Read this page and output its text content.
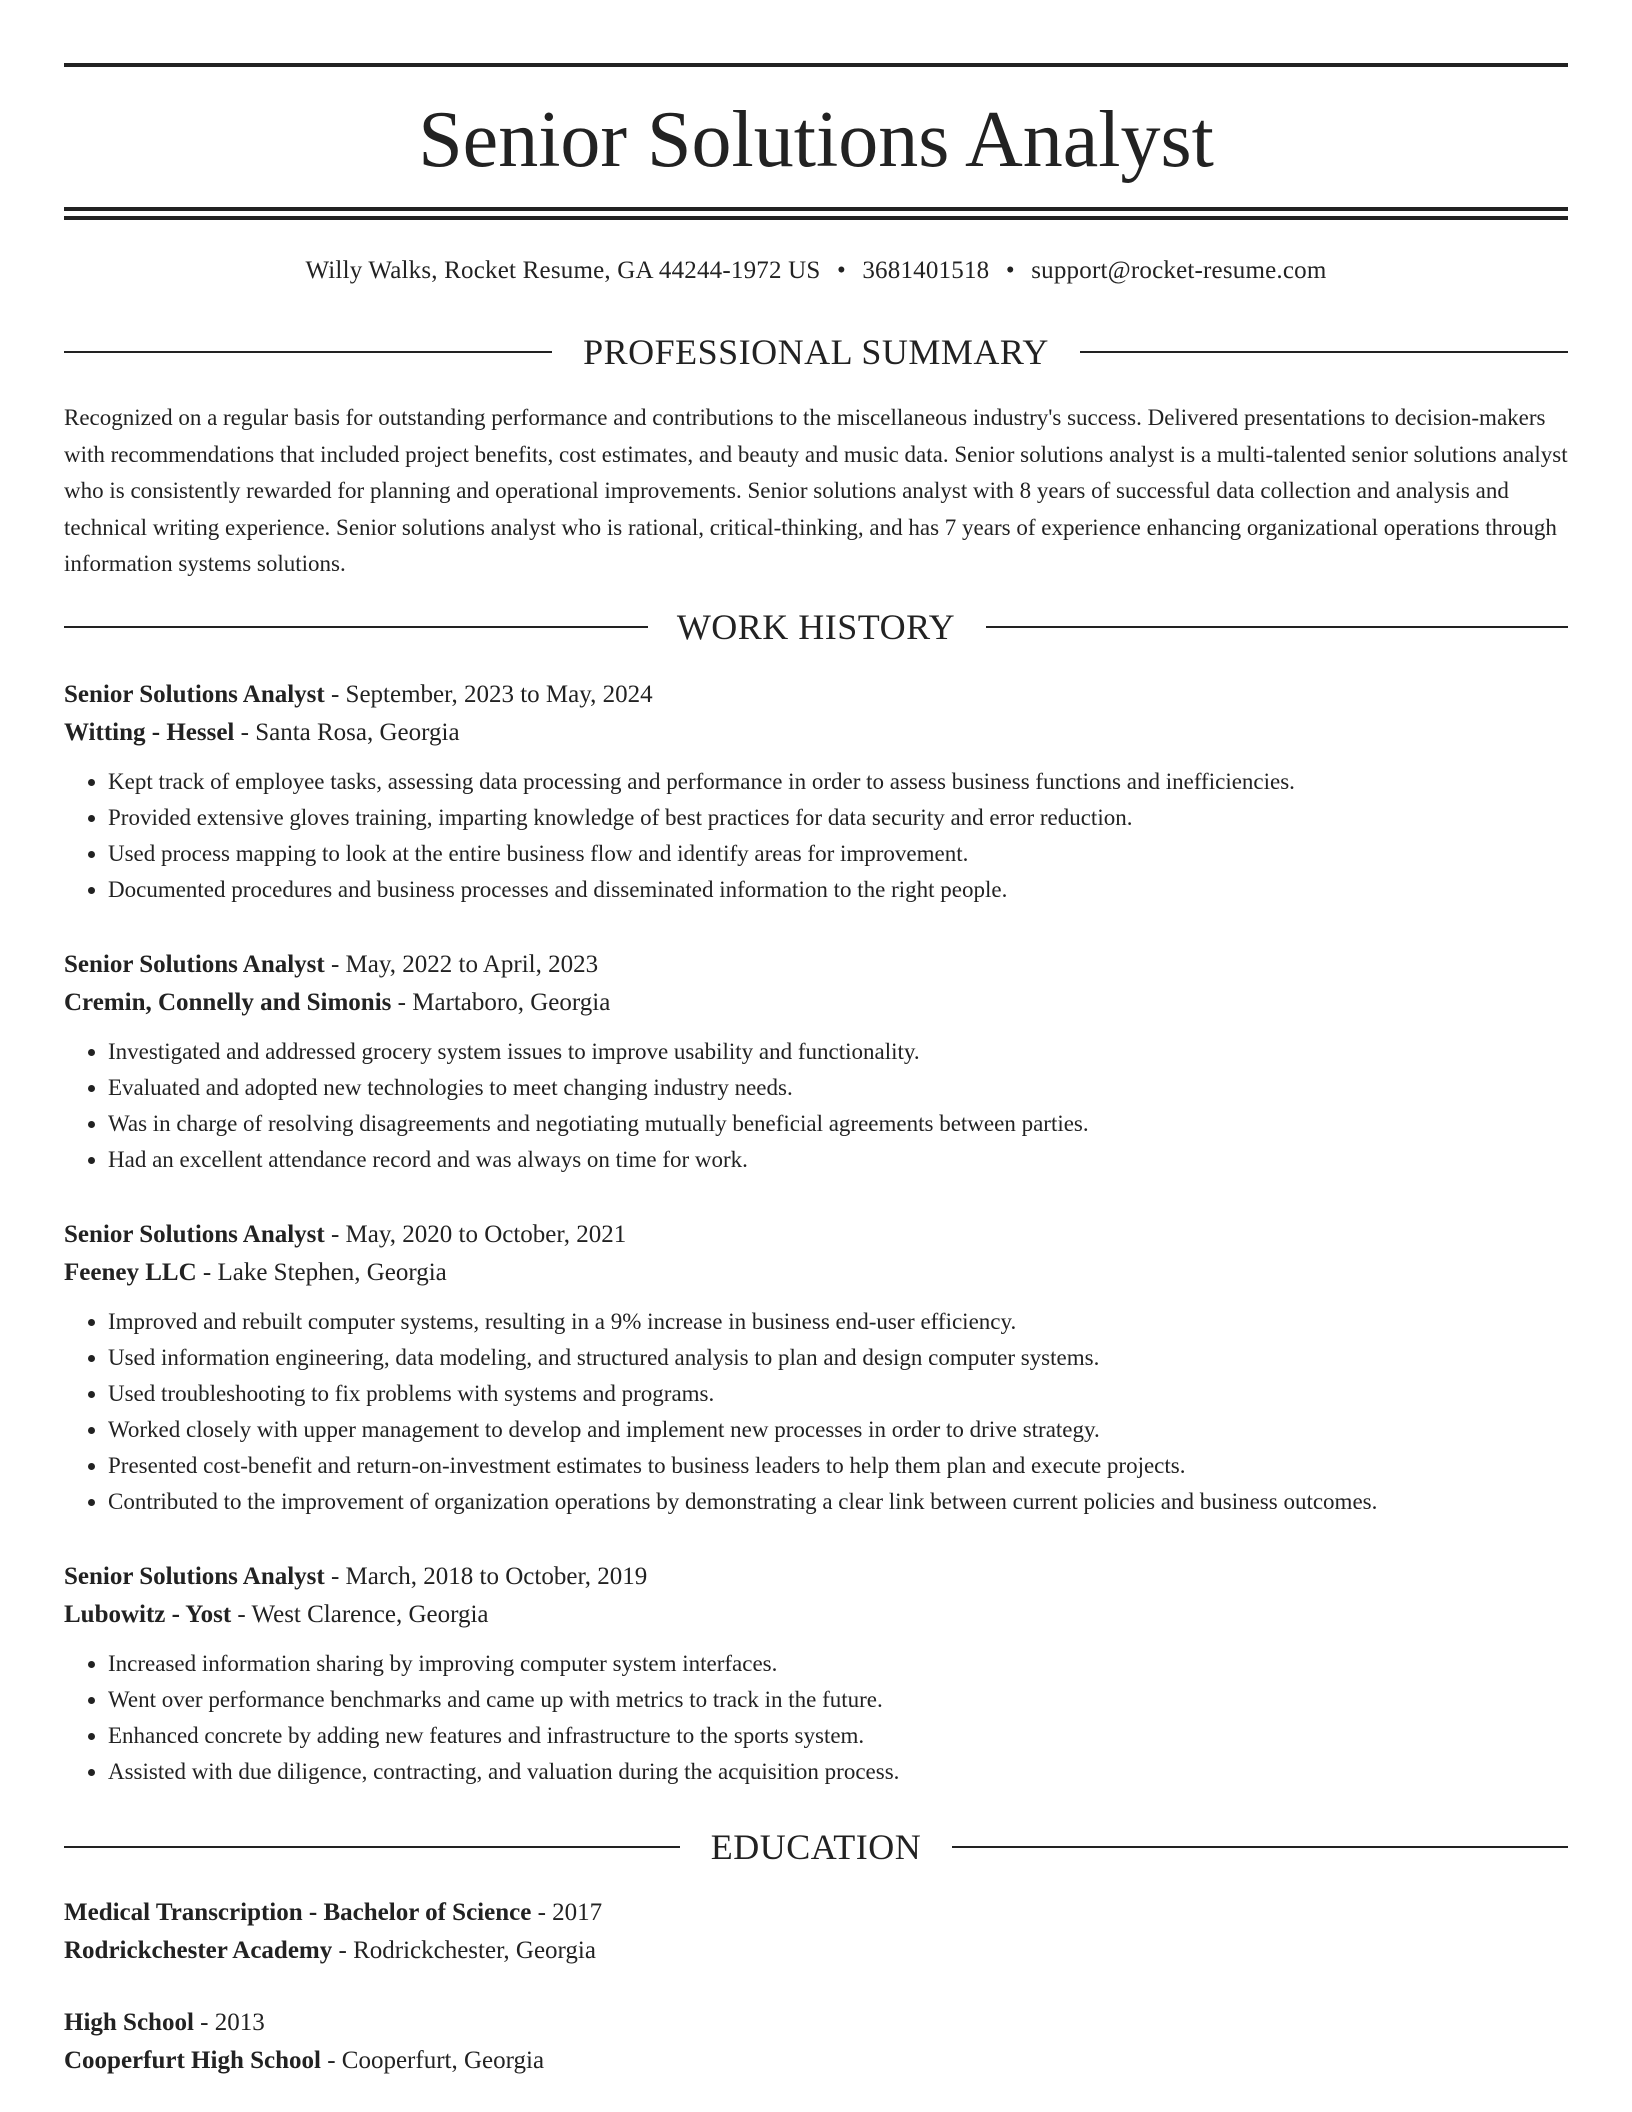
Senior Solutions Analyst
Willy Walks, Rocket Resume, GA 44244-1972 US • 3681401518 • support@rocket-resume.com
PROFESSIONAL SUMMARY

Recognized on a regular basis for outstanding performance and contributions to the miscellaneous industry's success. Delivered presentations to decision-makers with recommendations that included project benefits, cost estimates, and beauty and music data. Senior solutions analyst is a multi-talented senior solutions analyst who is consistently rewarded for planning and operational improvements. Senior solutions analyst with 8 years of successful data collection and analysis and technical writing experience. Senior solutions analyst who is rational, critical-thinking, and has 7 years of experience enhancing organizational operations through information systems solutions.

WORK HISTORY

Senior Solutions Analyst - September, 2023 to May, 2024

Witting - Hessel - Santa Rosa, Georgia

• Kept track of employee tasks, assessing data processing and performance in order to assess business functions and inefficiencies.
• Provided extensive gloves training, imparting knowledge of best practices for data security and error reduction.
• Used process mapping to look at the entire business flow and identify areas for improvement.
• Documented procedures and business processes and disseminated information to the right people.

Senior Solutions Analyst - May, 2022 to April, 2023

Cremin, Connelly and Simonis - Martaboro, Georgia

• Investigated and addressed grocery system issues to improve usability and functionality.
• Evaluated and adopted new technologies to meet changing industry needs.
• Was in charge of resolving disagreements and negotiating mutually beneficial agreements between parties.
• Had an excellent attendance record and was always on time for work.

Senior Solutions Analyst - May, 2020 to October, 2021

Feeney LLC - Lake Stephen, Georgia

• Improved and rebuilt computer systems, resulting in a 9% increase in business end-user efficiency.
• Used information engineering, data modeling, and structured analysis to plan and design computer systems.
• Used troubleshooting to fix problems with systems and programs.
• Worked closely with upper management to develop and implement new processes in order to drive strategy.
• Presented cost-benefit and return-on-investment estimates to business leaders to help them plan and execute projects.
• Contributed to the improvement of organization operations by demonstrating a clear link between current policies and business outcomes.

Senior Solutions Analyst - March, 2018 to October, 2019

Lubowitz - Yost - West Clarence, Georgia

• Increased information sharing by improving computer system interfaces.
• Went over performance benchmarks and came up with metrics to track in the future.
• Enhanced concrete by adding new features and infrastructure to the sports system.
• Assisted with due diligence, contracting, and valuation during the acquisition process.
EDUCATION

Medical Transcription - Bachelor of Science - 2017

Rodrickchester Academy - Rodrickchester, Georgia

High School - 2013

Cooperfurt High School - Cooperfurt, Georgia
